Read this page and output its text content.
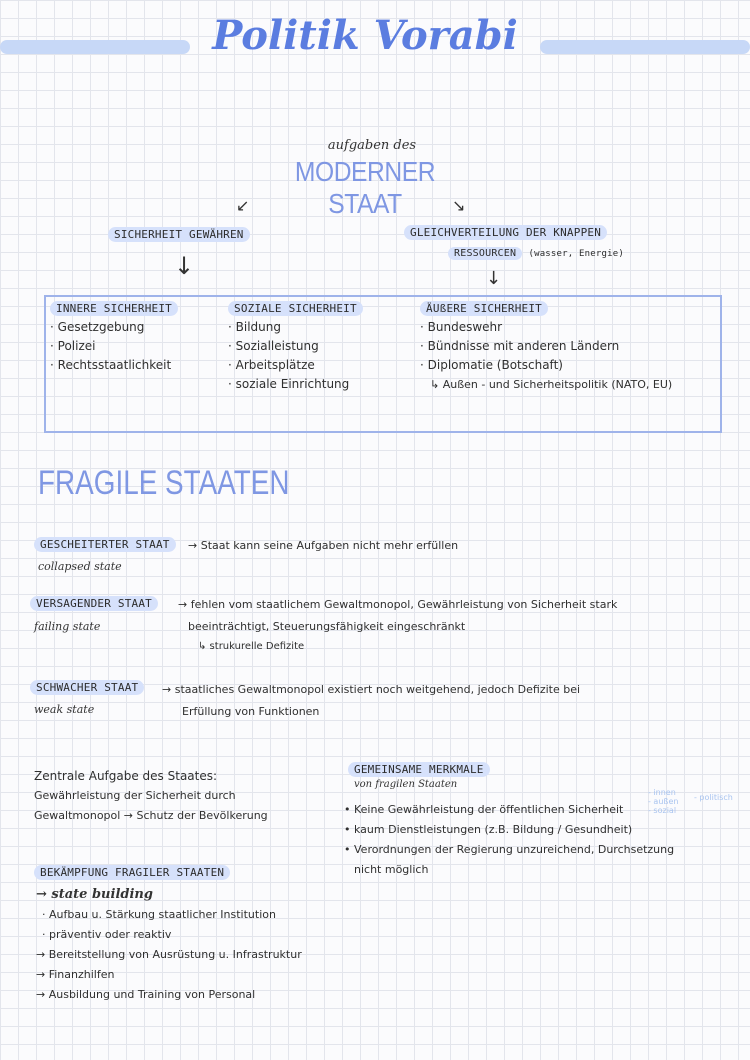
Politik Vorabi
aufgaben des
MODERNER STAAT
↙	↘
SICHERHEIT GEWÄHREN	GLEICHVERTEILUNG DER KNAPPEN
RESSOURCEN (wasser, Energie)
↓	↓
INNERE SICHERHEIT
· Gesetzgebung
· Polizei
· Rechtsstaatlichkeit
SOZIALE SICHERHEIT
· Bildung
· Sozialleistung
· Arbeitsplätze
· soziale Einrichtung
ÄUßERE SICHERHEIT
· Bundeswehr
· Bündnisse mit anderen Ländern
· Diplomatie (Botschaft)
↳ Außen - und Sicherheitspolitik (NATO, EU)
FRAGILE STAATEN
GESCHEITERTER STAAT
collapsed state
→ Staat kann seine Aufgaben nicht mehr erfüllen
VERSAGENDER STAAT
failing state
→ fehlen vom staatlichem Gewaltmonopol, Gewährleistung von Sicherheit stark
beeinträchtigt, Steuerungsfähigkeit eingeschränkt
↳ strukurelle Defizite
SCHWACHER STAAT
weak state
→ staatliches Gewaltmonopol existiert noch weitgehend, jedoch Defizite bei
Erfüllung von Funktionen
Zentrale Aufgabe des Staates:
Gewährleistung der Sicherheit durch
Gewaltmonopol → Schutz der Bevölkerung
GEMEINSAME MERKMALE
von fragilen Staaten
• Keine Gewährleistung der öffentlichen Sicherheit
• kaum Dienstleistungen (z.B. Bildung / Gesundheit)
• Verordnungen der Regierung unzureichend, Durchsetzung
nicht möglich
- innen
- außen
- sozial
- politisch
BEKÄMPFUNG FRAGILER STAATEN
→ state building
· Aufbau u. Stärkung staatlicher Institution
· präventiv oder reaktiv
→ Bereitstellung von Ausrüstung u. Infrastruktur
→ Finanzhilfen
→ Ausbildung und Training von Personal
